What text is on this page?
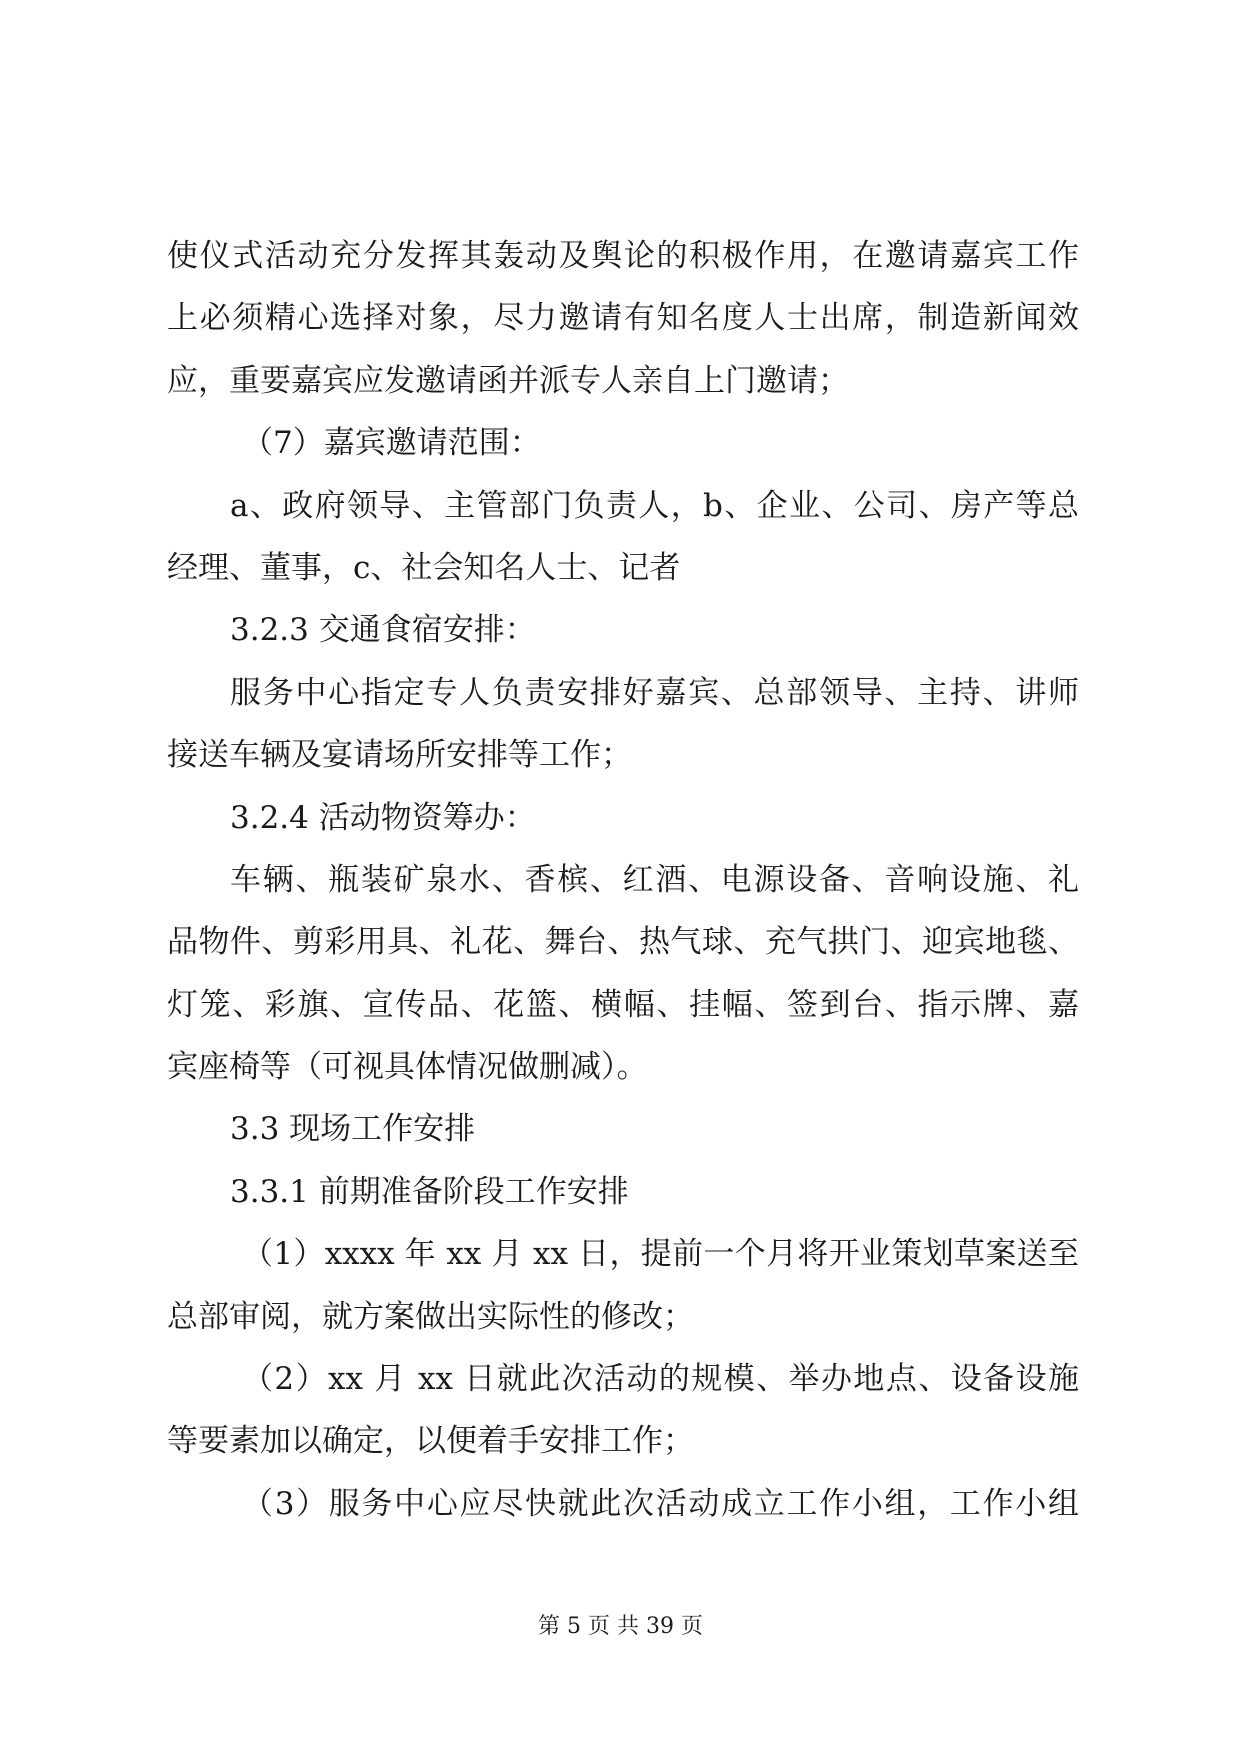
使仪式活动充分发挥其轰动及舆论的积极作用，在邀请嘉宾工作
上必须精心选择对象，尽力邀请有知名度人士出席，制造新闻效
应，重要嘉宾应发邀请函并派专人亲自上门邀请；
（7）嘉宾邀请范围：
a、政府领导、主管部门负责人，b、企业、公司、房产等总
经理、董事，c、社会知名人士、记者
3.2.3 交通食宿安排：
服务中心指定专人负责安排好嘉宾、总部领导、主持、讲师
接送车辆及宴请场所安排等工作；
3.2.4 活动物资筹办：
车辆、瓶装矿泉水、香槟、红酒、电源设备、音响设施、礼
品物件、剪彩用具、礼花、舞台、热气球、充气拱门、迎宾地毯、
灯笼、彩旗、宣传品、花篮、横幅、挂幅、签到台、指示牌、嘉
宾座椅等（可视具体情况做删减）。
3.3 现场工作安排
3.3.1 前期准备阶段工作安排
（1）xxxx 年 xx 月 xx 日，提前一个月将开业策划草案送至
总部审阅，就方案做出实际性的修改；
（2）xx 月 xx 日就此次活动的规模、举办地点、设备设施
等要素加以确定，以便着手安排工作；
（3）服务中心应尽快就此次活动成立工作小组，工作小组
第 5 页 共 39 页
